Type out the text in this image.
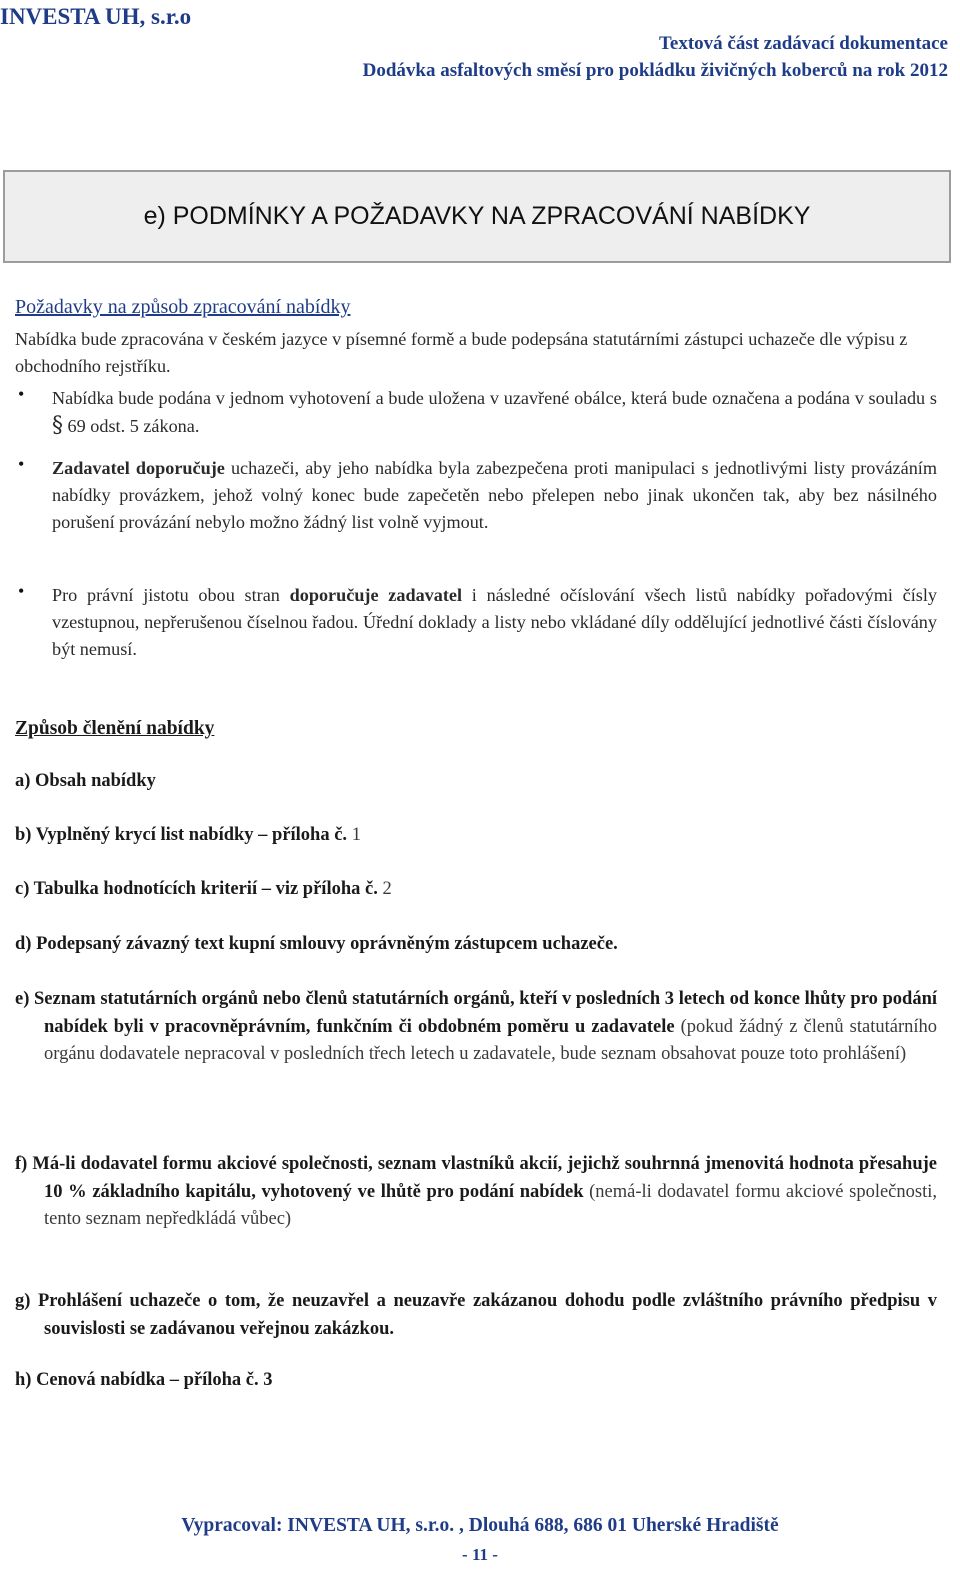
INVESTA UH, s.r.o
Textová část zadávací dokumentace
Dodávka asfaltových směsí pro pokládku živičných koberců na rok 2012
e) PODMÍNKY A POŽADAVKY NA ZPRACOVÁNÍ NABÍDKY
Požadavky na způsob zpracování nabídky
Nabídka bude zpracována v českém jazyce v písemné formě a bude podepsána statutárními zástupci uchazeče dle výpisu z obchodního rejstříku.
• Nabídka bude podána v jednom vyhotovení a bude uložena v uzavřené obálce, která bude označena a podána v souladu s § 69 odst. 5 zákona.
• Zadavatel doporučuje uchazeči, aby jeho nabídka byla zabezpečena proti manipulaci s jednotlivými listy provázáním nabídky provázkem, jehož volný konec bude zapečetěn nebo přelepen nebo jinak ukončen tak, aby bez násilného porušení provázání nebylo možno žádný list volně vyjmout.
• Pro právní jistotu obou stran doporučuje zadavatel i následné očíslování všech listů nabídky pořadovými čísly vzestupnou, nepřerušenou číselnou řadou. Úřední doklady a listy nebo vkládané díly oddělující jednotlivé části číslovány být nemusí.
Způsob členění nabídky
a) Obsah nabídky
b) Vyplněný krycí list nabídky – příloha č. 1
c) Tabulka hodnotících kriterií – viz příloha č. 2
d) Podepsaný závazný text kupní smlouvy oprávněným zástupcem uchazeče.
e) Seznam statutárních orgánů nebo členů statutárních orgánů, kteří v posledních 3 letech od konce lhůty pro podání nabídek byli v pracovněprávním, funkčním či obdobném poměru u zadavatele (pokud žádný z členů statutárního orgánu dodavatele nepracoval v posledních třech letech u zadavatele, bude seznam obsahovat pouze toto prohlášení)
f) Má-li dodavatel formu akciové společnosti, seznam vlastníků akcií, jejichž souhrnná jmenovitá hodnota přesahuje 10 % základního kapitálu, vyhotovený ve lhůtě pro podání nabídek (nemá-li dodavatel formu akciové společnosti, tento seznam nepředkládá vůbec)
g) Prohlášení uchazeče o tom, že neuzavřel a neuzavře zakázanou dohodu podle zvláštního právního předpisu v souvislosti se zadávanou veřejnou zakázkou.
h) Cenová nabídka – příloha č. 3
Vypracoval: INVESTA UH, s.r.o. , Dlouhá 688, 686 01 Uherské Hradiště
- 11 -
